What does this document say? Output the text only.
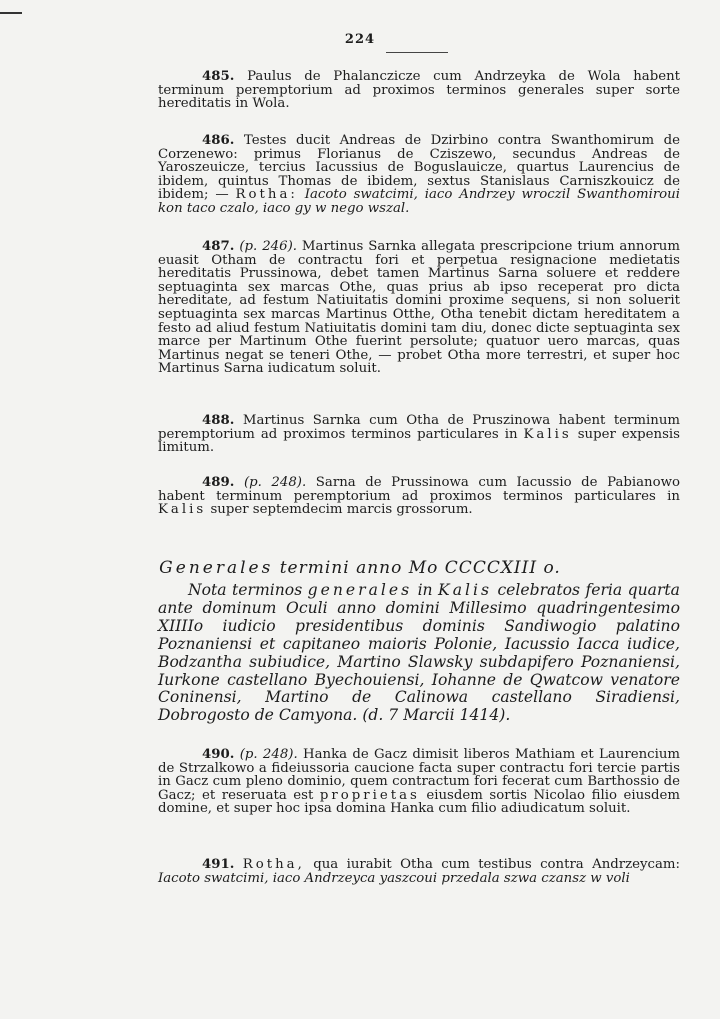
224
485. Paulus de Phalanczicze cum Andrzeyka de Wola habent terminum peremptorium ad proximos terminos generales super sorte hereditatis in Wola.
486. Testes ducit Andreas de Dzirbino contra Swanthomirum de Corzenewo: primus Florianus de Cziszewo, secundus Andreas de Yaroszeuicze, tercius Iacussius de Boguslauicze, quartus Laurencius de ibidem, quintus Thomas de ibidem, sextus Stanislaus Carniszkouicz de ibidem; — Rotha: Iacoto swatcimi, iaco Andrzey wroczil Swanthomiroui kon taco czalo, iaco gy w nego wszal.
487. (p. 246). Martinus Sarnka allegata prescripcione trium annorum euasit Otham de contractu fori et perpetua resignacione medietatis hereditatis Prussinowa, debet tamen Martinus Sarna soluere et reddere septuaginta sex marcas Othe, quas prius ab ipso receperat pro dicta hereditate, ad festum Natiuitatis domini proxime sequens, si non soluerit septuaginta sex marcas Martinus Otthe, Otha tenebit dictam hereditatem a festo ad aliud festum Natiuitatis domini tam diu, donec dicte septuaginta sex marce per Martinum Othe fuerint persolute; quatuor uero marcas, quas Martinus negat se teneri Othe, — probet Otha more terrestri, et super hoc Martinus Sarna iudicatum soluit.
488. Martinus Sarnka cum Otha de Pruszinowa habent terminum peremptorium ad proximos terminos particulares in Kalis super expensis limitum.
489. (p. 248). Sarna de Prussinowa cum Iacussio de Pabianowo habent terminum peremptorium ad proximos terminos particulares in Kalis super septemdecim marcis grossorum.
Generales termini anno Mo CCCCXIII o.
Nota terminos generales in Kalis celebratos feria quarta ante dominum Oculi anno domini Millesimo quadringentesimo XIIIIo iudicio presidentibus dominis Sandiwogio palatino Poznaniensi et capitaneo maioris Polonie, Iacussio Iacca iudice, Bodzantha subiudice, Martino Slawsky subdapifero Poznaniensi, Iurkone castellano Byechouiensi, Iohanne de Qwatcow venatore Coninensi, Martino de Calinowa castellano Siradiensi, Dobrogosto de Camyona. (d. 7 Marcii 1414).
490. (p. 248). Hanka de Gacz dimisit liberos Mathiam et Laurencium de Strzalkowo a fideiussoria caucione facta super contractu fori tercie partis in Gacz cum pleno dominio, quem contractum fori fecerat cum Barthossio de Gacz; et reseruata est proprietas eiusdem sortis Nicolao filio eiusdem domine, et super hoc ipsa domina Hanka cum filio adiudicatum soluit.
491. Rotha, qua iurabit Otha cum testibus contra Andrzeycam: Iacoto swatcimi, iaco Andrzeyca yaszcoui przedala szwa czansz w voli
